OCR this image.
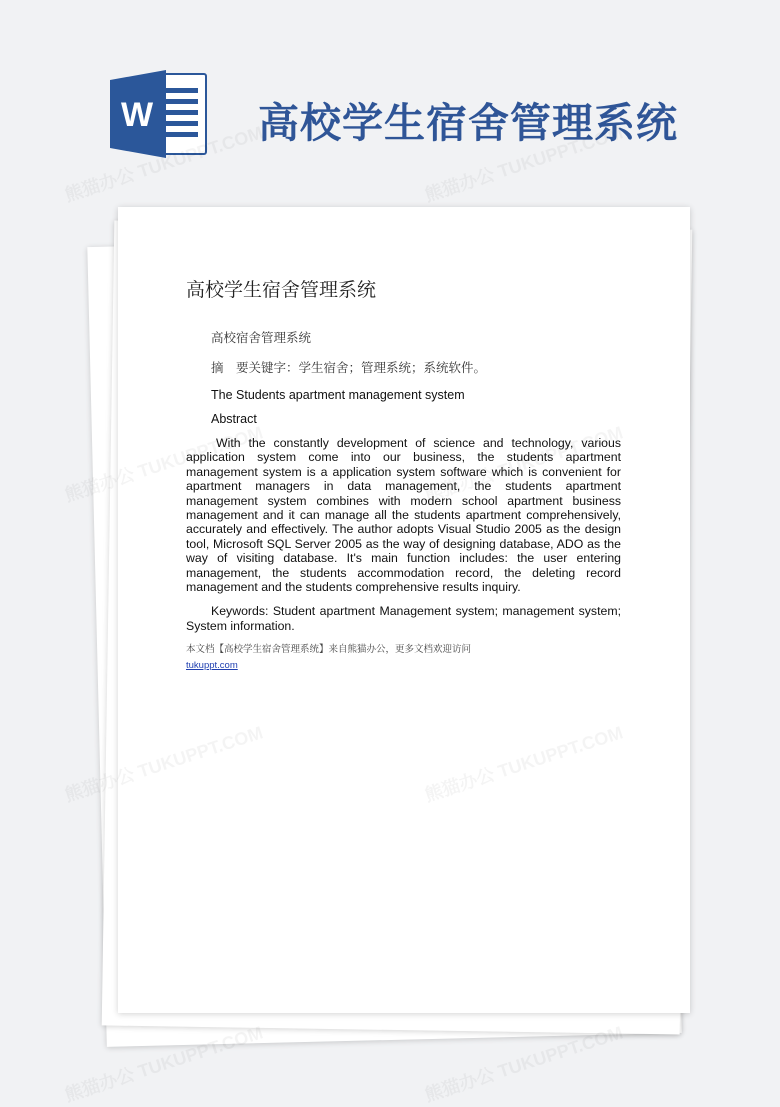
W	高校学生宿舍管理系统
高校学生宿舍管理系统

高校宿舍管理系统

摘　要关键字：学生宿舍；管理系统；系统软件。

The Students apartment management system

Abstract

With the constantly development of science and technology, various application system come into our business, the students apartment management system is a application system software which is convenient for apartment managers in data management, the students apartment management system combines with modern school apartment business management and it can manage all the students apartment comprehensively, accurately and effectively. The author adopts Visual Studio 2005 as the design tool, Microsoft SQL Server 2005 as the way of designing database, ADO as the way of visiting database. It's main function includes: the user entering management, the students accommodation record, the deleting record management and the students comprehensive results inquiry.

Keywords: Student apartment Management system; management system; System information.

本文档【高校学生宿舍管理系统】来自熊猫办公，更多文档欢迎访问

tukuppt.com
